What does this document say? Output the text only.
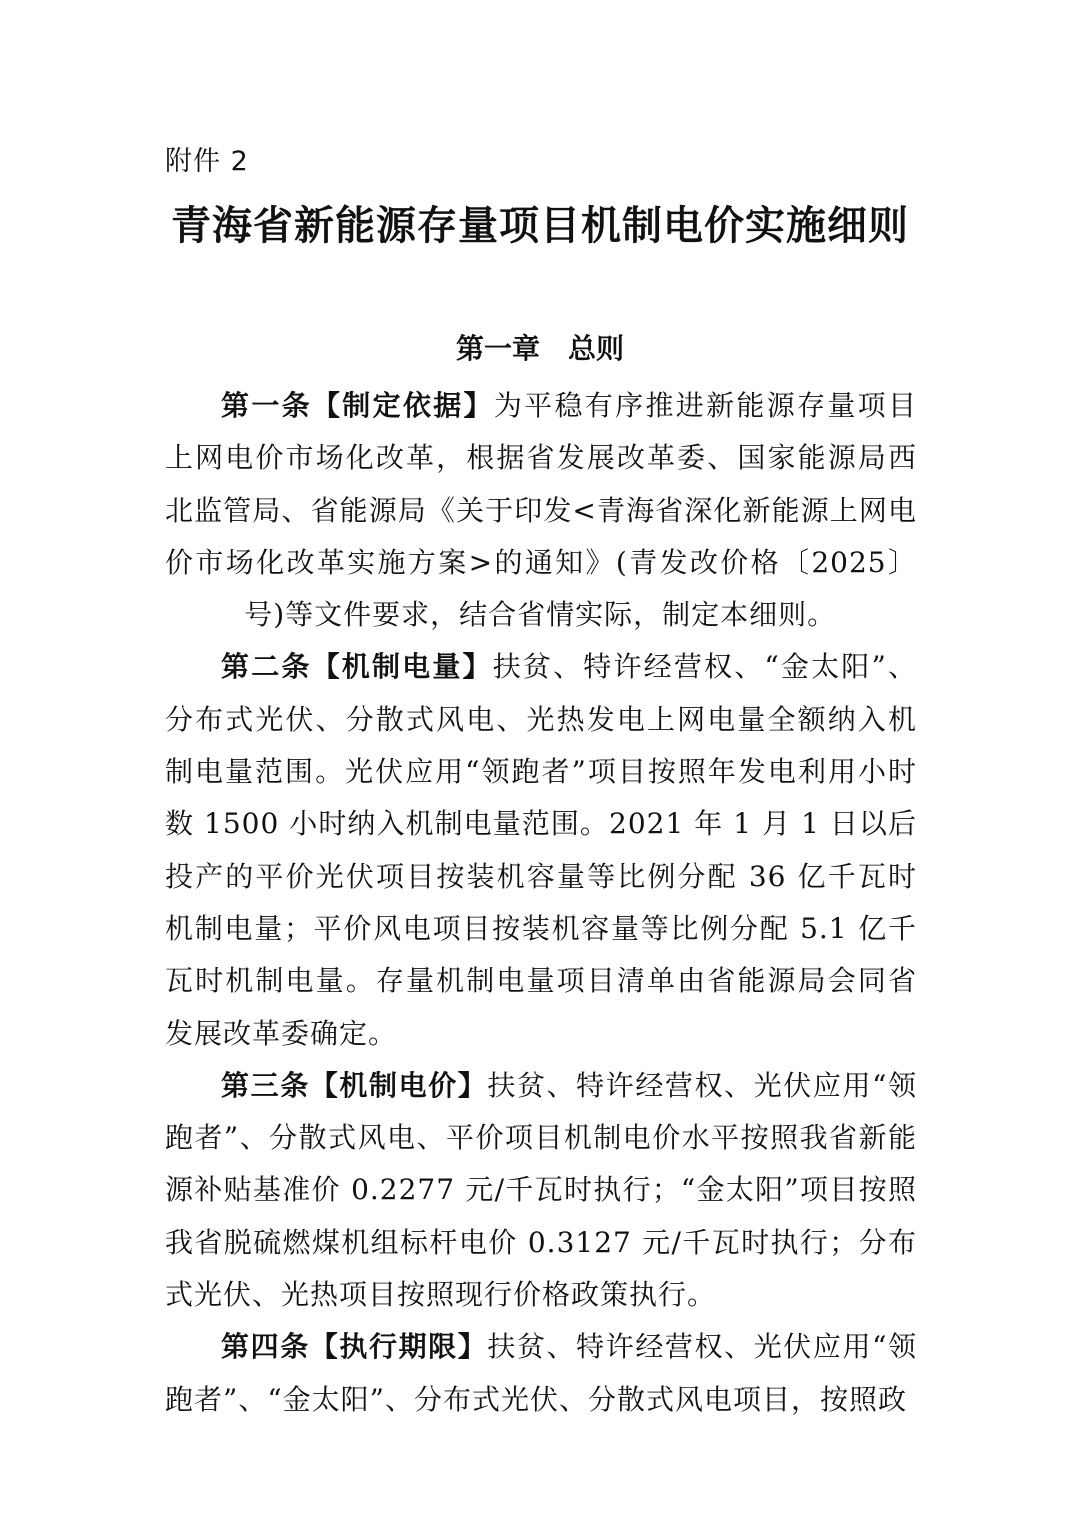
附件 2
青海省新能源存量项目机制电价实施细则
第一章　总则

第一条【制定依据】为平稳有序推进新能源存量项目上网电价市场化改革，根据省发展改革委、国家能源局西北监管局、省能源局《关于印发<青海省深化新能源上网电价市场化改革实施方案>的通知》(青发改价格〔2025〕        号)等文件要求，结合省情实际，制定本细则。

第二条【机制电量】扶贫、特许经营权、“金太阳”、分布式光伏、分散式风电、光热发电上网电量全额纳入机制电量范围。光伏应用“领跑者”项目按照年发电利用小时数 1500 小时纳入机制电量范围。2021 年 1 月 1 日以后投产的平价光伏项目按装机容量等比例分配 36 亿千瓦时机制电量；平价风电项目按装机容量等比例分配 5.1 亿千瓦时机制电量。存量机制电量项目清单由省能源局会同省发展改革委确定。

第三条【机制电价】扶贫、特许经营权、光伏应用“领跑者”、分散式风电、平价项目机制电价水平按照我省新能源补贴基准价 0.2277 元/千瓦时执行；“金太阳”项目按照我省脱硫燃煤机组标杆电价 0.3127 元/千瓦时执行；分布式光伏、光热项目按照现行价格政策执行。

第四条【执行期限】扶贫、特许经营权、光伏应用“领跑者”、“金太阳”、分布式光伏、分散式风电项目，按照政
